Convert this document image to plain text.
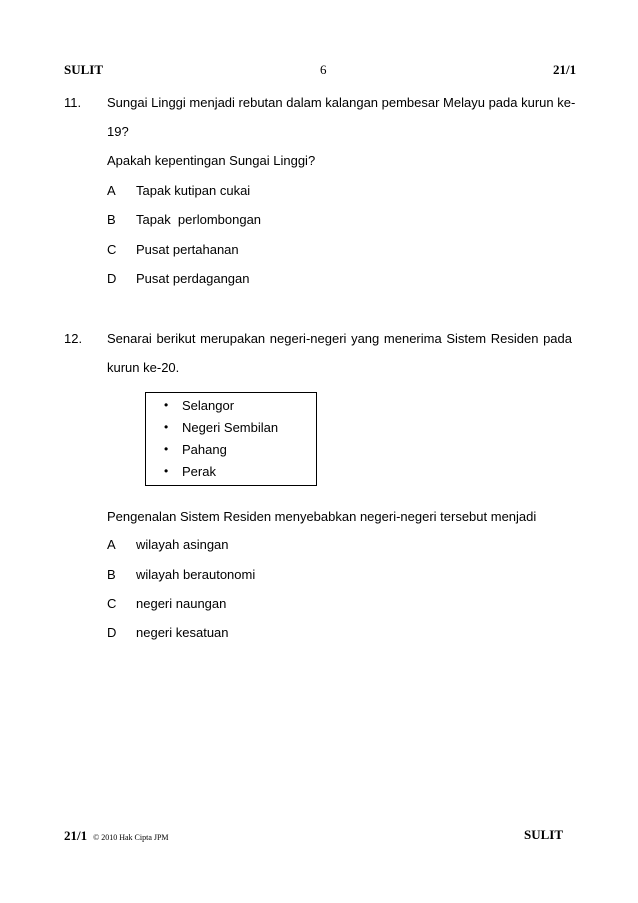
SULIT	6	21/1
11. Sungai Linggi menjadi rebutan dalam kalangan pembesar Melayu pada kurun ke-
19?
Apakah kepentingan Sungai Linggi?
A Tapak kutipan cukai
B Tapak  perlombongan
C Pusat pertahanan
D Pusat perdagangan
12. Senarai berikut merupakan negeri-negeri yang menerima Sistem Residen pada
kurun ke-20.
• Selangor
• Negeri Sembilan
• Pahang
• Perak
Pengenalan Sistem Residen menyebabkan negeri-negeri tersebut menjadi
A wilayah asingan
B wilayah berautonomi
C negeri naungan
D negeri kesatuan
21/1 © 2010 Hak Cipta JPM	SULIT
